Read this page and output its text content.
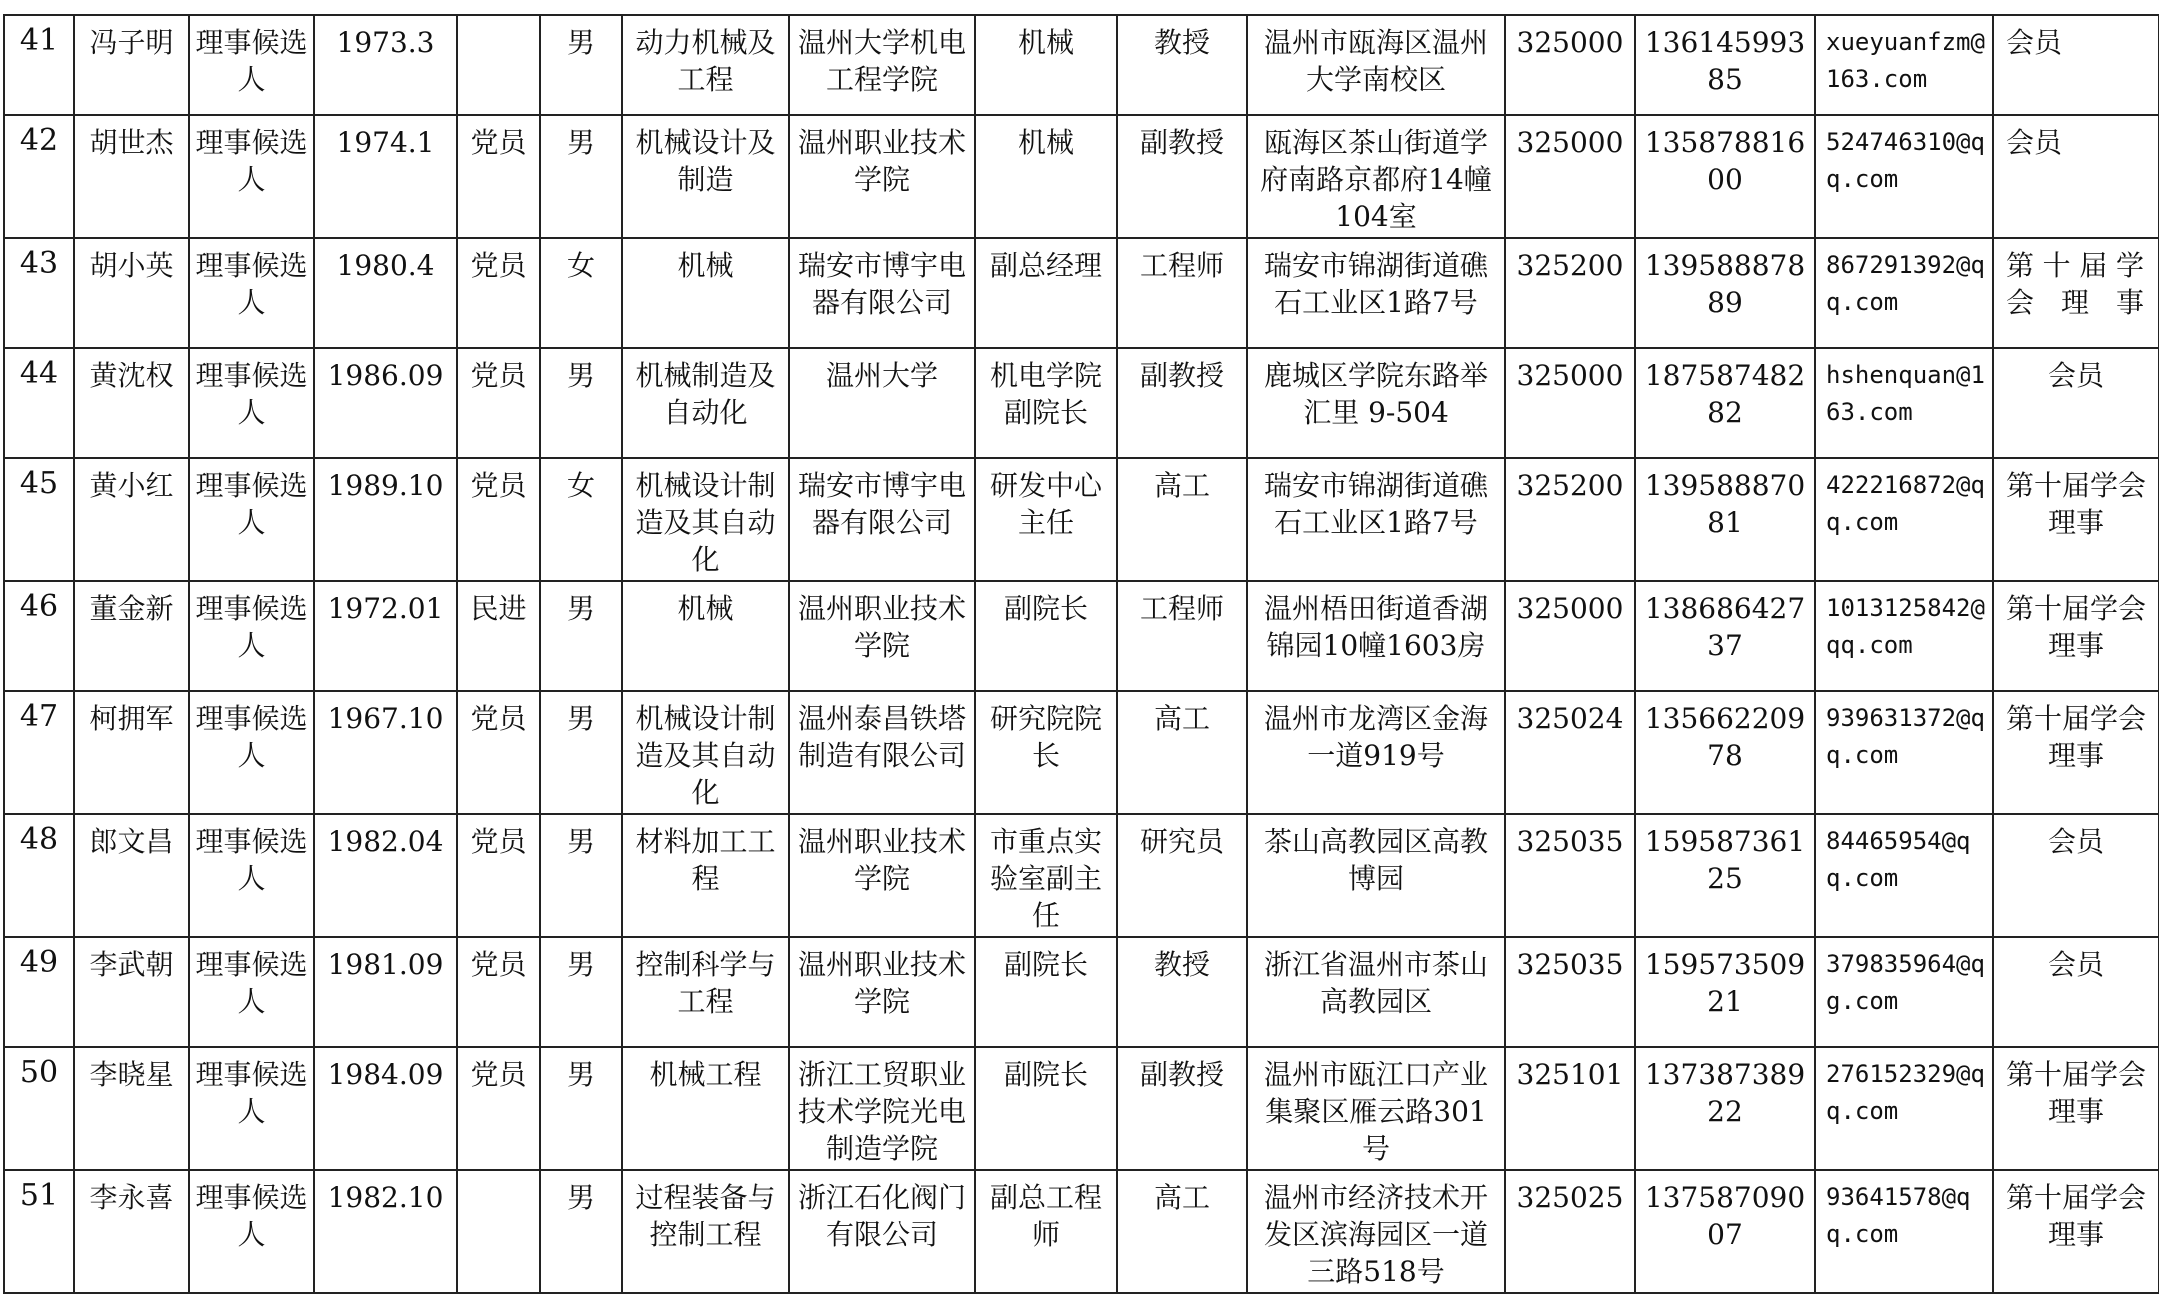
41	冯子明	理事候选人	1973.3		男	动力机械及工程	温州大学机电工程学院	机械	教授	温州市瓯海区温州大学南校区	325000	13614599385	xueyuanfzm@163.com	会员
42	胡世杰	理事候选人	1974.1	党员	男	机械设计及制造	温州职业技术学院	机械	副教授	瓯海区茶山街道学府南路京都府14幢104室	325000	13587881600	524746310@qq.com	会员
43	胡小英	理事候选人	1980.4	党员	女	机械	瑞安市博宇电器有限公司	副总经理	工程师	瑞安市锦湖街道礁石工业区1路7号	325200	13958887889	867291392@qq.com	第十届学会理事
44	黄沈权	理事候选人	1986.09	党员	男	机械制造及自动化	温州大学	机电学院副院长	副教授	鹿城区学院东路举汇里 9-504	325000	18758748282	hshenquan@163.com	会员
45	黄小红	理事候选人	1989.10	党员	女	机械设计制造及其自动化	瑞安市博宇电器有限公司	研发中心主任	高工	瑞安市锦湖街道礁石工业区1路7号	325200	13958887081	422216872@qq.com	第十届学会理事
46	董金新	理事候选人	1972.01	民进	男	机械	温州职业技术学院	副院长	工程师	温州梧田街道香湖锦园10幢1603房	325000	13868642737	1013125842@qq.com	第十届学会理事
47	柯拥军	理事候选人	1967.10	党员	男	机械设计制造及其自动化	温州泰昌铁塔制造有限公司	研究院院长	高工	温州市龙湾区金海一道919号	325024	13566220978	939631372@qq.com	第十届学会理事
48	郎文昌	理事候选人	1982.04	党员	男	材料加工工程	温州职业技术学院	市重点实验室副主任	研究员	茶山高教园区高教博园	325035	15958736125	84465954@qq.com	会员
49	李武朝	理事候选人	1981.09	党员	男	控制科学与工程	温州职业技术学院	副院长	教授	浙江省温州市茶山高教园区	325035	15957350921	379835964@qg.com	会员
50	李晓星	理事候选人	1984.09	党员	男	机械工程	浙江工贸职业技术学院光电制造学院	副院长	副教授	温州市瓯江口产业集聚区雁云路301号	325101	13738738922	276152329@qq.com	第十届学会理事
51	李永喜	理事候选人	1982.10		男	过程装备与控制工程	浙江石化阀门有限公司	副总工程师	高工	温州市经济技术开发区滨海园区一道三路518号	325025	13758709007	93641578@qq.com	第十届学会理事
